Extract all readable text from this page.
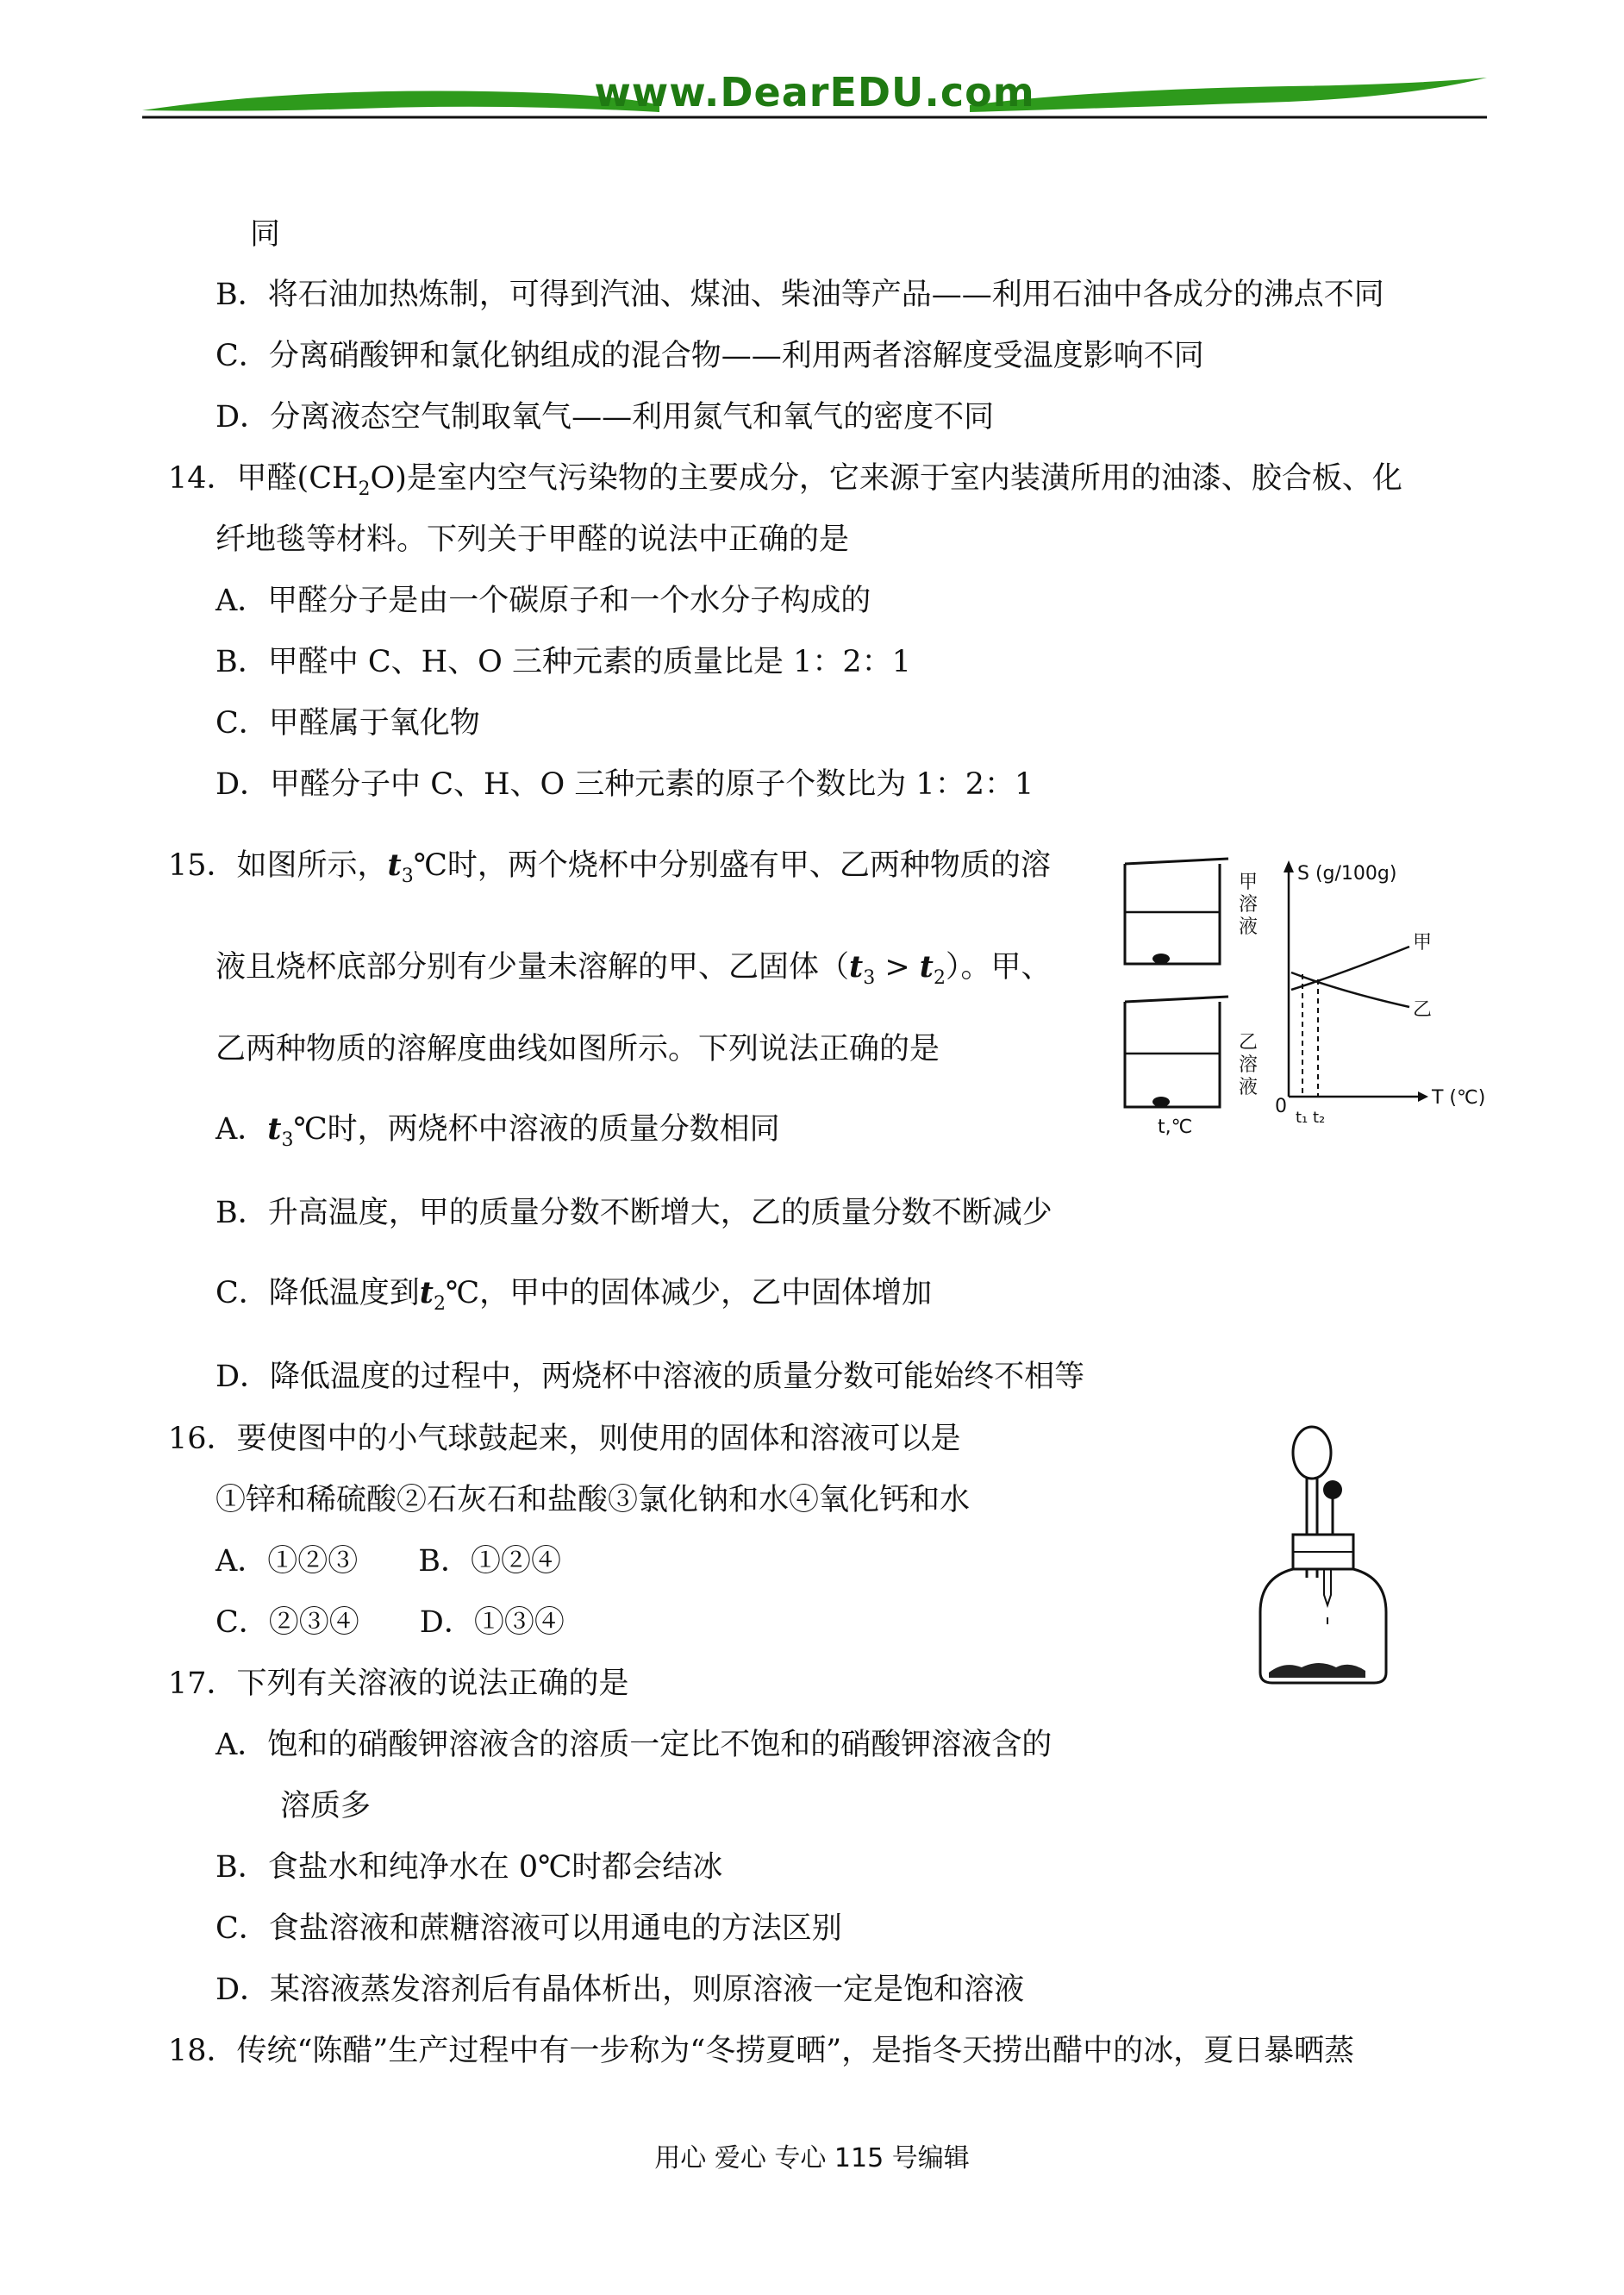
www.DearEDU.com
同
B．将石油加热炼制，可得到汽油、煤油、柴油等产品——利用石油中各成分的沸点不同
C．分离硝酸钾和氯化钠组成的混合物——利用两者溶解度受温度影响不同
D．分离液态空气制取氧气——利用氮气和氧气的密度不同
14．甲醛$(CH_2O)$是室内空气污染物的主要成分，它来源于室内装潢所用的油漆、胶合板、化
纤地毯等材料。下列关于甲醛的说法中正确的是
A．甲醛分子是由一个碳原子和一个水分子构成的
B．甲醛中 C、H、O 三种元素的质量比是 1：2：1
C．甲醛属于氧化物
D．甲醛分子中 C、H、O 三种元素的原子个数比为 1：2：1
15．如图所示，$t_3℃$时，两个烧杯中分别盛有甲、乙两种物质的溶
液且烧杯底部分别有少量未溶解的甲、乙固体$(t_3 > t_2)$。甲、
乙两种物质的溶解度曲线如图所示。下列说法正确的是
A．$t_3℃$时，两烧杯中溶液的质量分数相同
B．升高温度，甲的质量分数不断增大，乙的质量分数不断减少
C．降低温度到$t_2℃$，甲中的固体减少，乙中固体增加
D．降低温度的过程中，两烧杯中溶液的质量分数可能始终不相等
甲
溶
液
乙
溶
液
t,℃
S (g/100g)
T (℃)
0
t₁ t₂
甲
乙
16．要使图中的小气球鼓起来，则使用的固体和溶液可以是
①锌和稀硫酸②石灰石和盐酸③氯化钠和水④氧化钙和水
A．①②③　　B．①②④
C．②③④　　D．①③④
17．下列有关溶液的说法正确的是
A．饱和的硝酸钾溶液含的溶质一定比不饱和的硝酸钾溶液含的
溶质多
B．食盐水和纯净水在 0℃时都会结冰
C．食盐溶液和蔗糖溶液可以用通电的方法区别
D．某溶液蒸发溶剂后有晶体析出，则原溶液一定是饱和溶液
18．传统“陈醋”生产过程中有一步称为“冬捞夏晒”，是指冬天捞出醋中的冰，夏日暴晒蒸
用心 爱心 专心 115 号编辑
